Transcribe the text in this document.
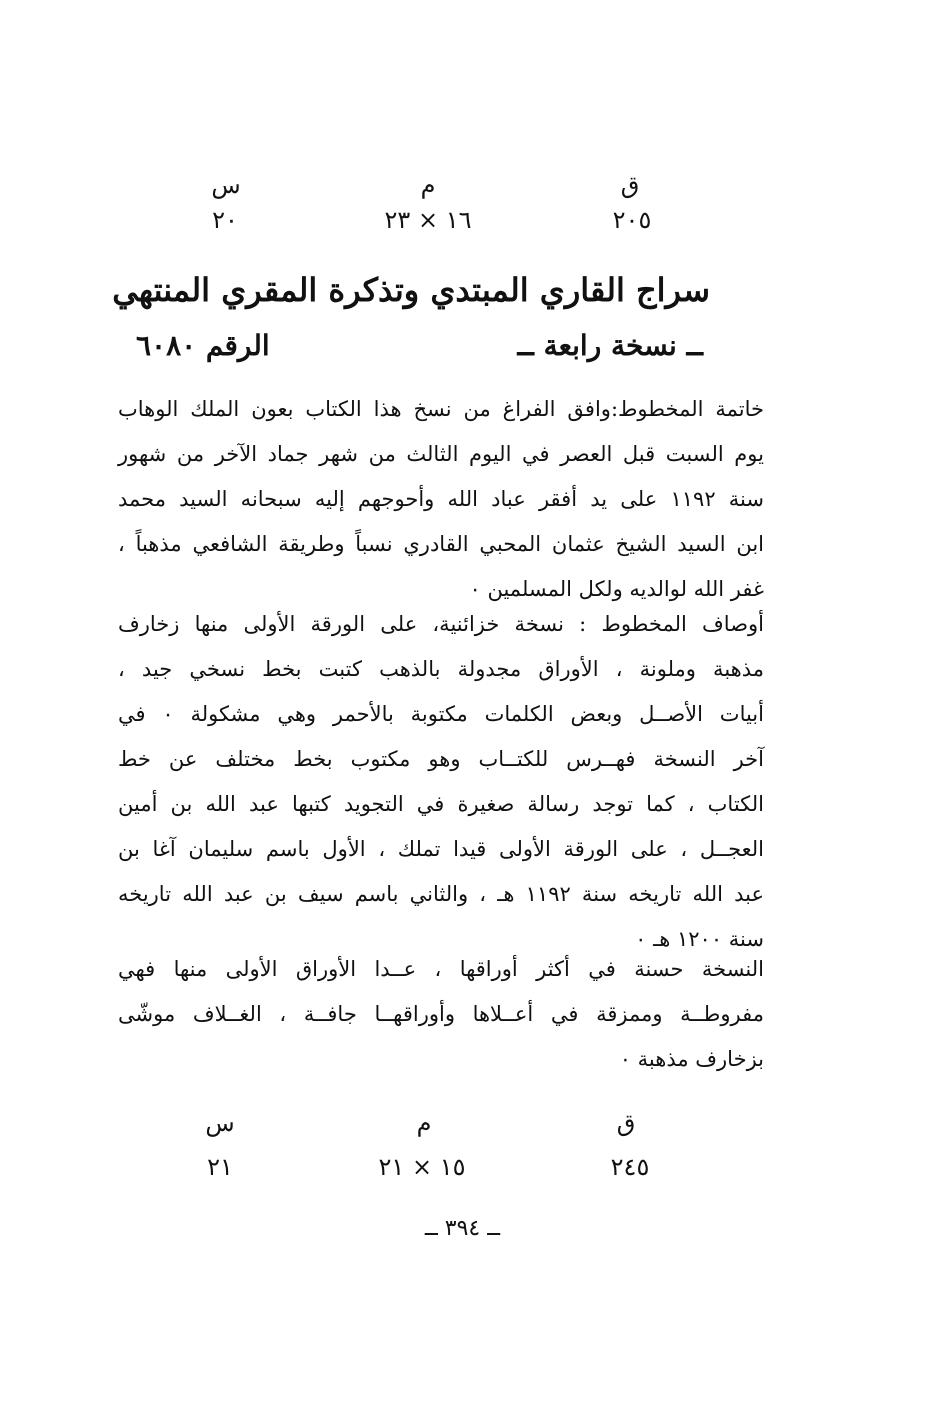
ق
م
س
٢٠٥
١٦ × ٢٣
٢٠
سراج القاري المبتدي وتذكرة المقري المنتهي
ــ نسخة رابعة ــ
الرقم ٦٠٨٠
خاتمة المخطوط:وافق الفراغ من نسخ هذا الكتاب بعون الملك الوهاب
يوم السبت قبل العصر في اليوم الثالث من شهر جماد الآخر من شهور
سنة ١١٩٢ على يد أفقر عباد الله وأحوجهم إليه سبحانه السيد محمد
ابن السيد الشيخ عثمان المحبي القادري نسباً وطريقة الشافعي مذهباً ،
غفر الله لوالديه ولكل المسلمين ٠
أوصاف المخطوط : نسخة خزائنية، على الورقة الأولى منها زخارف
مذهبة وملونة ، الأوراق مجدولة بالذهب كتبت بخط نسخي جيد ،
أبيات الأصــل وبعض الكلمات مكتوبة بالأحمر وهي مشكولة ٠ في
آخر النسخة فهــرس للكتــاب وهو مكتوب بخط مختلف عن خط
الكتاب ، كما توجد رسالة صغيرة في التجويد كتبها عبد الله بن أمين
العجــل ، على الورقة الأولى قيدا تملك ، الأول باسم سليمان آغا بن
عبد الله تاريخه سنة ١١٩٢ هـ ، والثاني باسم سيف بن عبد الله تاريخه
سنة ١٢٠٠ هـ ٠
النسخة حسنة في أكثر أوراقها ، عــدا الأوراق الأولى منها فهي
مفروطــة وممزقة في أعــلاها وأوراقهــا جافــة ، الغــلاف موشّى
بزخارف مذهبة ٠
ق
م
س
٢٤٥
١٥ × ٢١
٢١
ــ ٣٩٤ ــ
